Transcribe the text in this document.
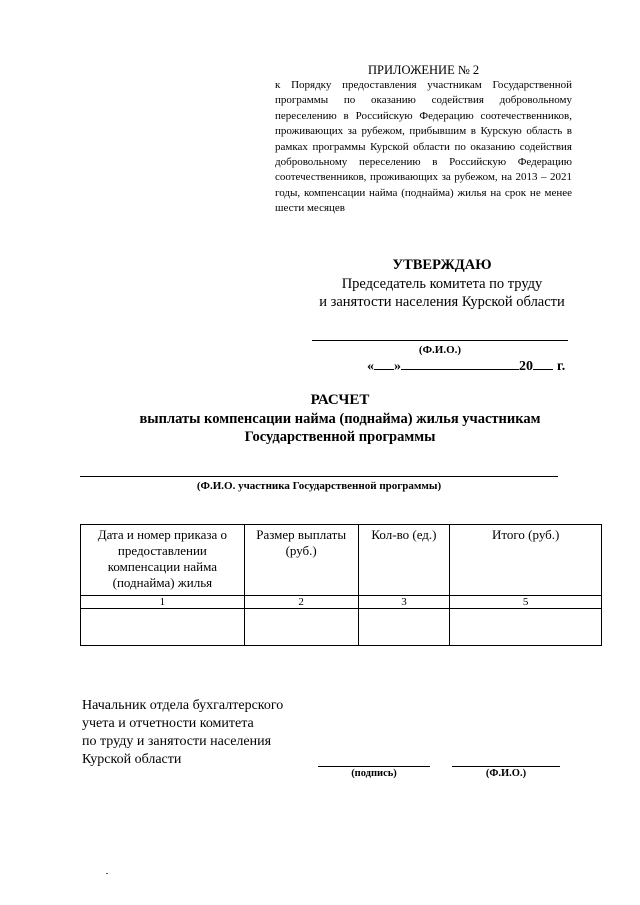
ПРИЛОЖЕНИЕ № 2
к Порядку предоставления участникам Государственной программы по оказанию содействия добровольному переселению в Российскую Федерацию соотечественников, проживающих за рубежом, прибывшим в Курскую область в рамках программы Курской области по оказанию содействия добровольному переселению в Российскую Федерацию соотечественников, проживающих за рубежом, на 2013 – 2021 годы, компенсации найма (поднайма) жилья на срок не менее шести месяцев
УТВЕРЖДАЮ
Председатель комитета по труду
и занятости населения Курской области
(Ф.И.О.)
« »	20 г.
РАСЧЕТ
выплаты компенсации найма (поднайма) жилья участникам
Государственной программы
(Ф.И.О. участника Государственной программы)
Дата и номер приказа о предоставлении компенсации найма (поднайма) жилья	Размер выплаты (руб.)	Кол-во (ед.)	Итого (руб.)
1	2	3	5

Начальник отдела бухгалтерского
учета и отчетности комитета
по труду и занятости населения
Курской области
(подпись)	(Ф.И.О.)
